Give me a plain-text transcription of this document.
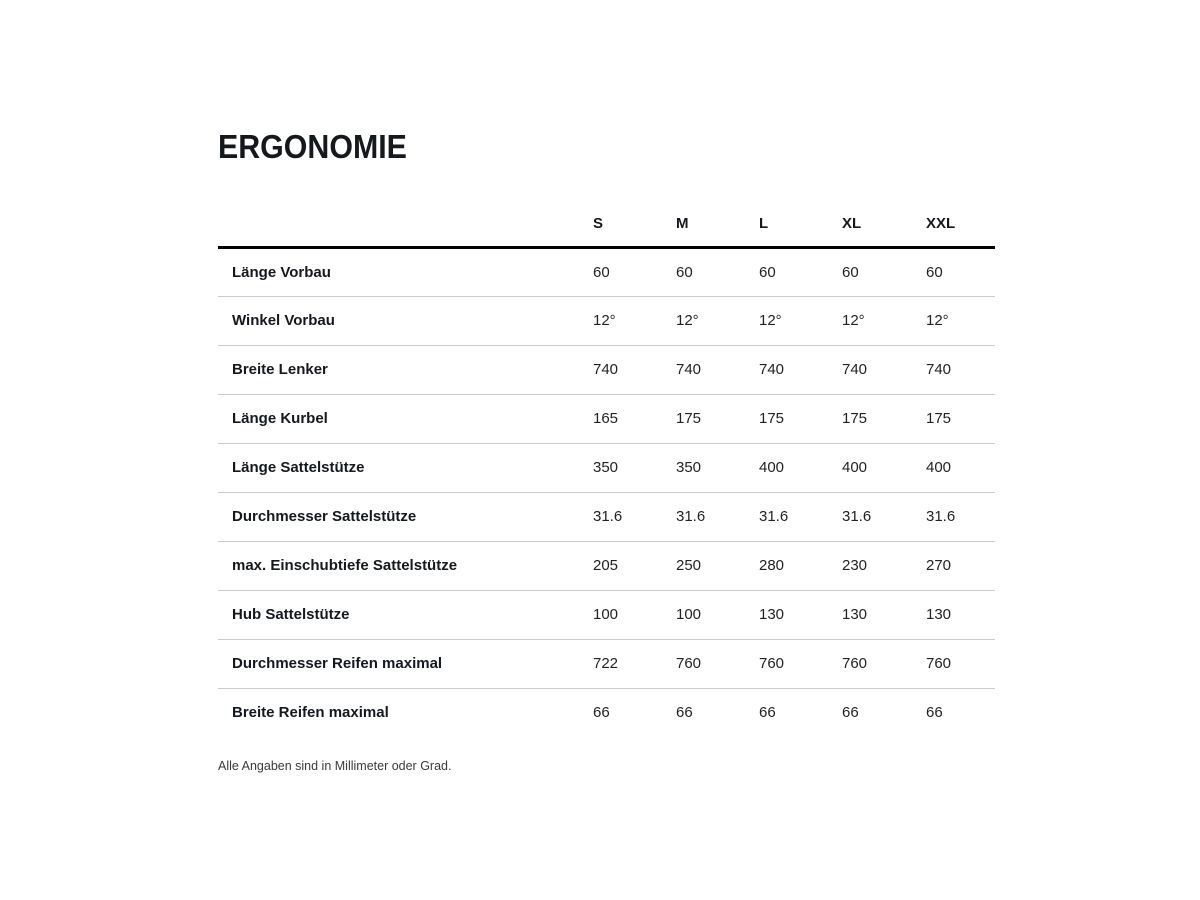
ERGONOMIE
	S	M	L	XL	XXL
Länge Vorbau	60	60	60	60	60
Winkel Vorbau	12°	12°	12°	12°	12°
Breite Lenker	740	740	740	740	740
Länge Kurbel	165	175	175	175	175
Länge Sattelstütze	350	350	400	400	400
Durchmesser Sattelstütze	31.6	31.6	31.6	31.6	31.6
max. Einschubtiefe Sattelstütze	205	250	280	230	270
Hub Sattelstütze	100	100	130	130	130
Durchmesser Reifen maximal	722	760	760	760	760
Breite Reifen maximal	66	66	66	66	66
Alle Angaben sind in Millimeter oder Grad.
